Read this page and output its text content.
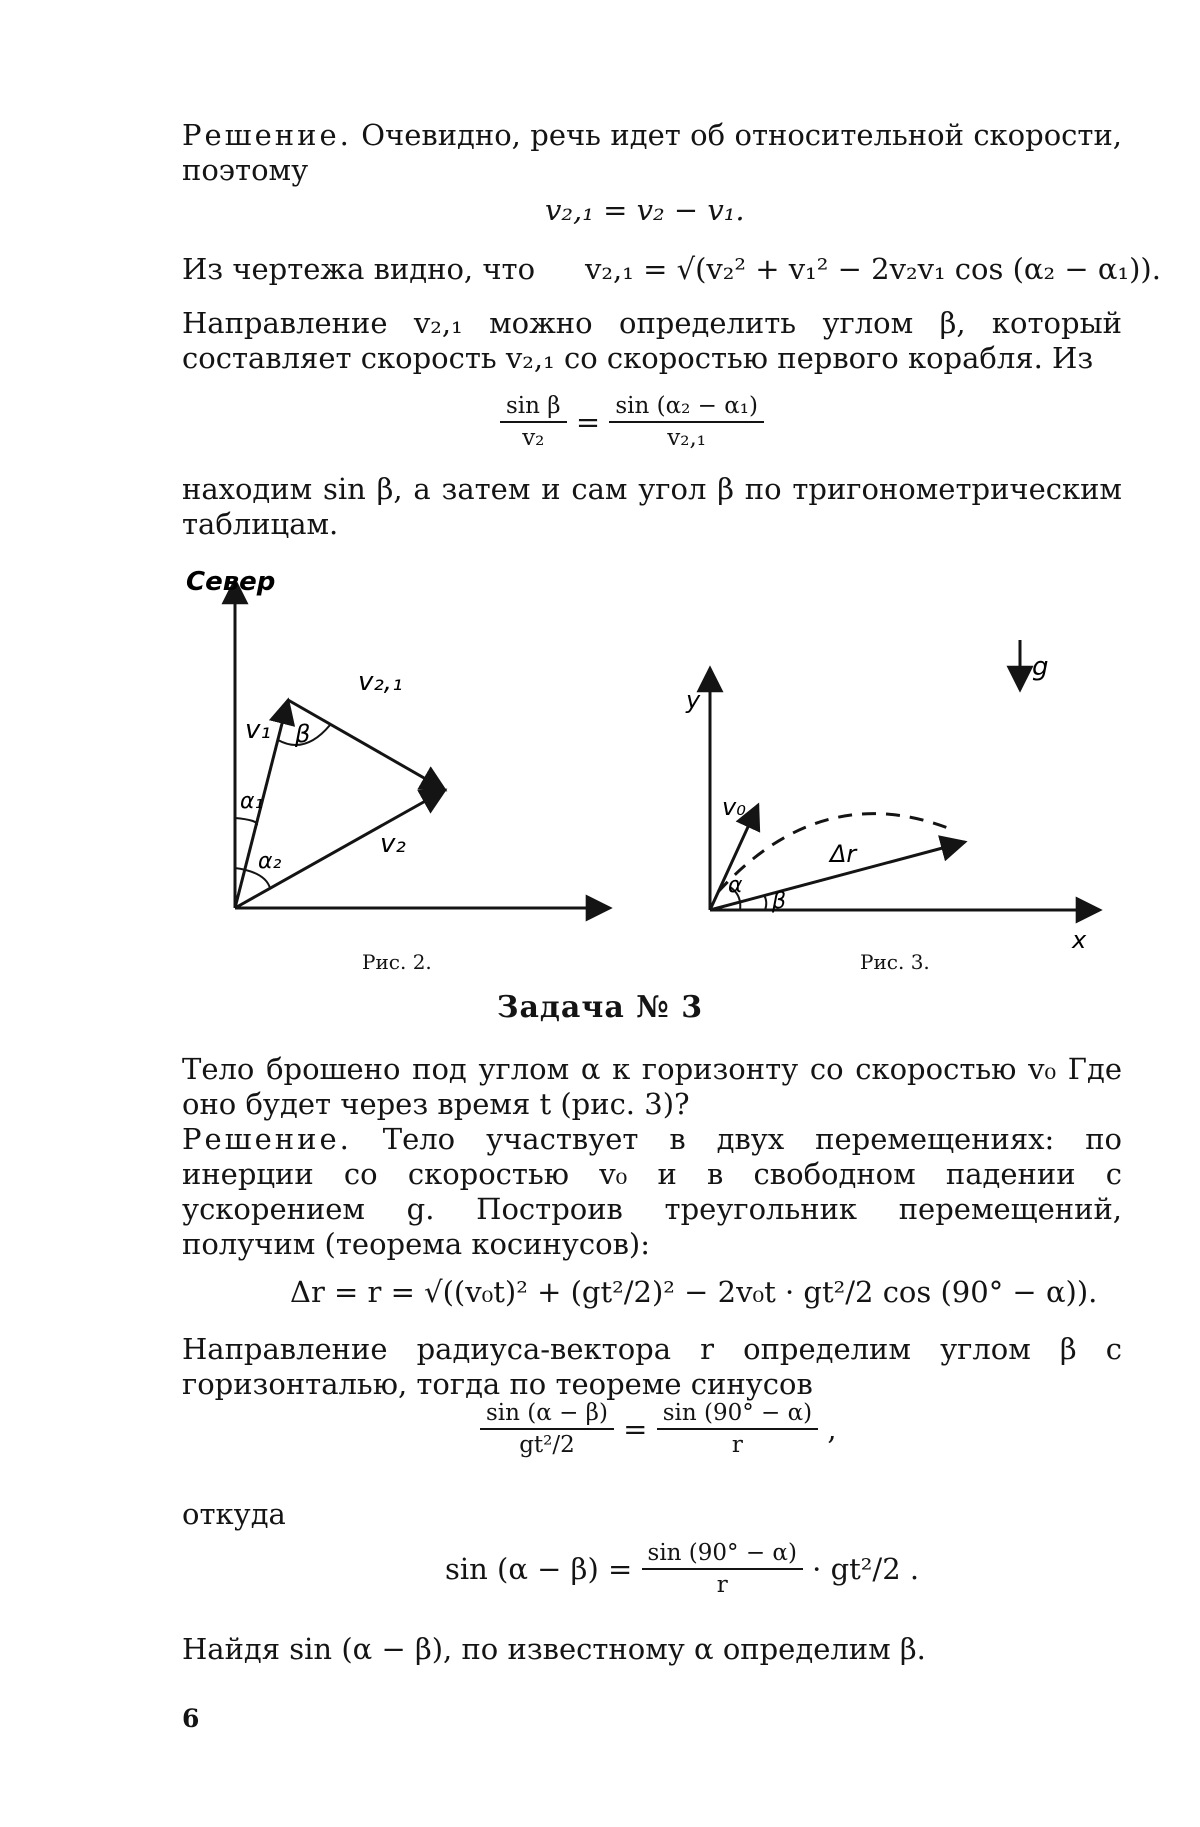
Решение. Очевидно, речь идет об относительной скорости, поэтому

v₂,₁ = v₂ − v₁.

Из чертежа видно, что	v₂,₁ = √(v₂² + v₁² − 2v₂v₁ cos (α₂ − α₁)).

Направление v₂,₁ можно определить углом β, который составляет скорость v₂,₁ со скоростью первого корабля. Из

sin β
v₂	= sin (α₂ − α₁)
v₂,₁

находим sin β, а затем и сам угол β по тригонометрическим таблицам.

Север
v₁
v₂,₁
v₂
β
α₁
α₂
Рис. 2.
y
x
g
v₀
Δr
α
β
Рис. 3.
Задача № 3

Тело брошено под углом α к горизонту со скоростью v₀ Где оно будет через время t (рис. 3)?

Решение. Тело участвует в двух перемещениях: по инерции со скоростью v₀ и в свободном падении с ускорением g. Построив треугольник перемещений, получим (теорема косинусов):

Δr = r = √((v₀t)² + (gt²/2)² − 2v₀t · gt²/2 cos (90° − α)).

Направление радиуса-вектора r определим углом β с горизонталью, тогда по теореме синусов

sin (α − β)
gt²/2	= sin (90° − α)
r	,

откуда

sin (α − β) = sin (90° − α)
r	· gt²/2 .

Найдя sin (α − β), по известному α определим β.

6
